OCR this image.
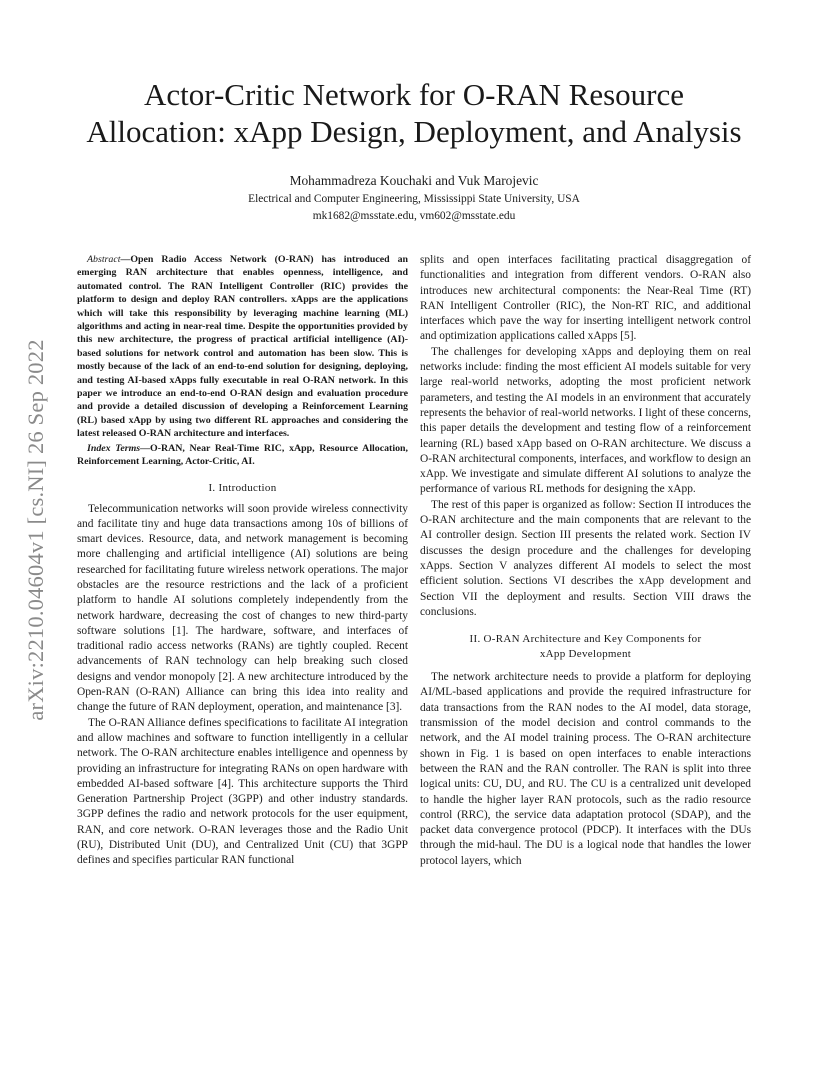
arXiv:2210.04604v1 [cs.NI] 26 Sep 2022
Actor-Critic Network for O-RAN Resource
Allocation: xApp Design, Deployment, and Analysis
Mohammadreza Kouchaki and Vuk Marojevic
Electrical and Computer Engineering, Mississippi State University, USA
mk1682@msstate.edu, vm602@msstate.edu

Abstract—Open Radio Access Network (O-RAN) has introduced an emerging RAN architecture that enables openness, intelligence, and automated control. The RAN Intelligent Controller (RIC) provides the platform to design and deploy RAN controllers. xApps are the applications which will take this responsibility by leveraging machine learning (ML) algorithms and acting in near-real time. Despite the opportunities provided by this new architecture, the progress of practical artificial intelligence (AI)-based solutions for network control and automation has been slow. This is mostly because of the lack of an end-to-end solution for designing, deploying, and testing AI-based xApps fully executable in real O-RAN network. In this paper we introduce an end-to-end O-RAN design and evaluation procedure and provide a detailed discussion of developing a Reinforcement Learning (RL) based xApp by using two different RL approaches and considering the latest released O-RAN architecture and interfaces.

Index Terms—O-RAN, Near Real-Time RIC, xApp, Resource Allocation, Reinforcement Learning, Actor-Critic, AI.

I. Introduction

Telecommunication networks will soon provide wireless connectivity and facilitate tiny and huge data transactions among 10s of billions of smart devices. Resource, data, and network management is becoming more challenging and artificial intelligence (AI) solutions are being researched for facilitating future wireless network operations. The major obstacles are the resource restrictions and the lack of a proficient platform to handle AI solutions completely independently from the network hardware, decreasing the cost of changes to new third-party software solutions [1]. The hardware, software, and interfaces of traditional radio access networks (RANs) are tightly coupled. Recent advancements of RAN technology can help breaking such closed designs and vendor monopoly [2]. A new architecture introduced by the Open-RAN (O-RAN) Alliance can bring this idea into reality and change the future of RAN deployment, operation, and maintenance [3].

The O-RAN Alliance defines specifications to facilitate AI integration and allow machines and software to function intelligently in a cellular network. The O-RAN architecture enables intelligence and openness by providing an infrastructure for integrating RANs on open hardware with embedded AI-based software [4]. This architecture supports the Third Generation Partnership Project (3GPP) and other industry standards. 3GPP defines the radio and network protocols for the user equipment, RAN, and core network. O-RAN leverages those and the Radio Unit (RU), Distributed Unit (DU), and Centralized Unit (CU) that 3GPP defines and specifies particular RAN functional

splits and open interfaces facilitating practical disaggregation of functionalities and integration from different vendors. O-RAN also introduces new architectural components: the Near-Real Time (RT) RAN Intelligent Controller (RIC), the Non-RT RIC, and additional interfaces which pave the way for inserting intelligent network control and optimization applications called xApps [5].

The challenges for developing xApps and deploying them on real networks include: finding the most efficient AI models suitable for very large real-world networks, adopting the most proficient network parameters, and testing the AI models in an environment that accurately represents the behavior of real-world networks. I light of these concerns, this paper details the development and testing flow of a reinforcement learning (RL) based xApp based on O-RAN architecture. We discuss a O-RAN architectural components, interfaces, and workflow to design an xApp. We investigate and simulate different AI solutions to analyze the performance of various RL methods for designing the xApp.

The rest of this paper is organized as follow: Section II introduces the O-RAN architecture and the main components that are relevant to the AI controller design. Section III presents the related work. Section IV discusses the design procedure and the challenges for developing xApps. Section V analyzes different AI models to select the most efficient solution. Sections VI describes the xApp development and Section VII the deployment and results. Section VIII draws the conclusions.

II. O-RAN Architecture and Key Components for
xApp Development

The network architecture needs to provide a platform for deploying AI/ML-based applications and provide the required infrastructure for data transactions from the RAN nodes to the AI model, data storage, transmission of the model decision and control commands to the network, and the AI model training process. The O-RAN architecture shown in Fig. 1 is based on open interfaces to enable interactions between the RAN and the RAN controller. The RAN is split into three logical units: CU, DU, and RU. The CU is a centralized unit developed to handle the higher layer RAN protocols, such as the radio resource control (RRC), the service data adaptation protocol (SDAP), and the packet data convergence protocol (PDCP). It interfaces with the DUs through the mid-haul. The DU is a logical node that handles the lower protocol layers, which
